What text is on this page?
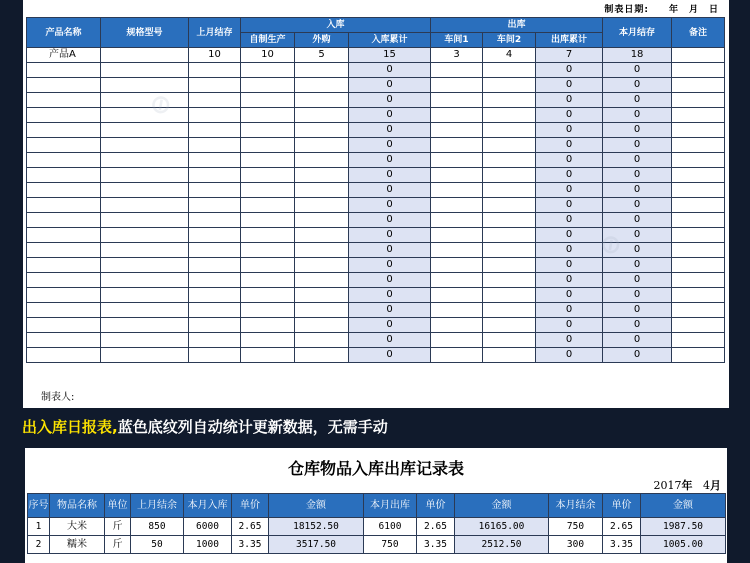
制表日期:　　年　月　日
产品名称	规格型号	上月结存	入库			出库			本月结存	备注
			自制生产	外购	入库累计	车间1	车间2	出库累计		
产品A		10	10	5	15	3	4	7	18	
					0			0	0	
					0			0	0	
					0			0	0	
					0			0	0	
					0			0	0	
					0			0	0	
					0			0	0	
					0			0	0	
					0			0	0	
					0			0	0	
					0			0	0	
					0			0	0	
					0			0	0	
					0			0	0	
					0			0	0	
					0			0	0	
					0			0	0	
					0			0	0	
					0			0	0	
					0			0	0	
制表人:
出入库日报表,蓝色底纹列自动统计更新数据，无需手动
仓库物品入库出库记录表
2017年 4月
序号	物品名称	单位	上月结余	本月入库	单价	金额	本月出库	单价	金额	本月结余	单价	金额
1	大米	斤	850	6000	2.65	18152.50	6100	2.65	16165.00	750	2.65	1987.50
2	糯米	斤	50	1000	3.35	3517.50	750	3.35	2512.50	300	3.35	1005.00
